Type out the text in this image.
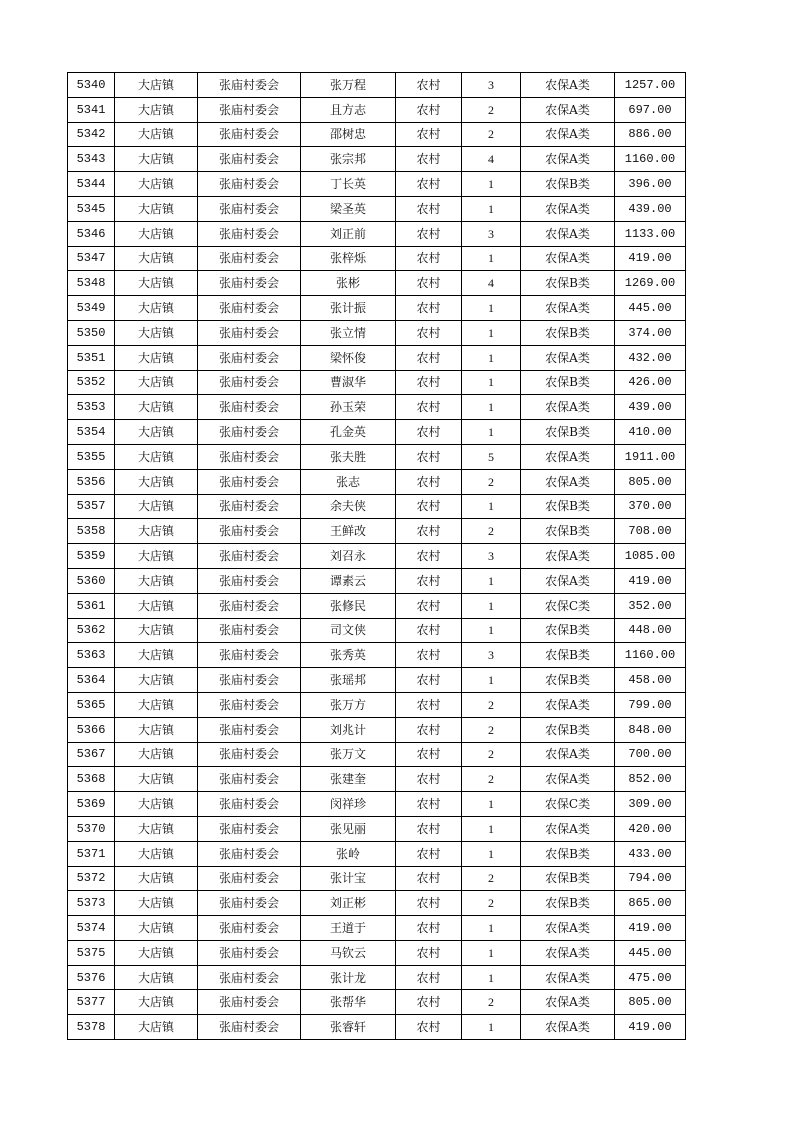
5340	大店镇	张庙村委会	张万程	农村	3	农保A类	1257.00
5341	大店镇	张庙村委会	且方志	农村	2	农保A类	697.00
5342	大店镇	张庙村委会	邵树忠	农村	2	农保A类	886.00
5343	大店镇	张庙村委会	张宗邦	农村	4	农保A类	1160.00
5344	大店镇	张庙村委会	丁长英	农村	1	农保B类	396.00
5345	大店镇	张庙村委会	梁圣英	农村	1	农保A类	439.00
5346	大店镇	张庙村委会	刘正前	农村	3	农保A类	1133.00
5347	大店镇	张庙村委会	张梓烁	农村	1	农保A类	419.00
5348	大店镇	张庙村委会	张彬	农村	4	农保B类	1269.00
5349	大店镇	张庙村委会	张计振	农村	1	农保A类	445.00
5350	大店镇	张庙村委会	张立情	农村	1	农保B类	374.00
5351	大店镇	张庙村委会	梁怀俊	农村	1	农保A类	432.00
5352	大店镇	张庙村委会	曹淑华	农村	1	农保B类	426.00
5353	大店镇	张庙村委会	孙玉荣	农村	1	农保A类	439.00
5354	大店镇	张庙村委会	孔金英	农村	1	农保B类	410.00
5355	大店镇	张庙村委会	张夫胜	农村	5	农保A类	1911.00
5356	大店镇	张庙村委会	张志	农村	2	农保A类	805.00
5357	大店镇	张庙村委会	余夫侠	农村	1	农保B类	370.00
5358	大店镇	张庙村委会	王鲜改	农村	2	农保B类	708.00
5359	大店镇	张庙村委会	刘召永	农村	3	农保A类	1085.00
5360	大店镇	张庙村委会	谭素云	农村	1	农保A类	419.00
5361	大店镇	张庙村委会	张修民	农村	1	农保C类	352.00
5362	大店镇	张庙村委会	司文侠	农村	1	农保B类	448.00
5363	大店镇	张庙村委会	张秀英	农村	3	农保B类	1160.00
5364	大店镇	张庙村委会	张瑶邦	农村	1	农保B类	458.00
5365	大店镇	张庙村委会	张万方	农村	2	农保A类	799.00
5366	大店镇	张庙村委会	刘兆计	农村	2	农保B类	848.00
5367	大店镇	张庙村委会	张万文	农村	2	农保A类	700.00
5368	大店镇	张庙村委会	张建奎	农村	2	农保A类	852.00
5369	大店镇	张庙村委会	闵祥珍	农村	1	农保C类	309.00
5370	大店镇	张庙村委会	张见丽	农村	1	农保A类	420.00
5371	大店镇	张庙村委会	张岭	农村	1	农保B类	433.00
5372	大店镇	张庙村委会	张计宝	农村	2	农保B类	794.00
5373	大店镇	张庙村委会	刘正彬	农村	2	农保B类	865.00
5374	大店镇	张庙村委会	王道于	农村	1	农保A类	419.00
5375	大店镇	张庙村委会	马钦云	农村	1	农保A类	445.00
5376	大店镇	张庙村委会	张计龙	农村	1	农保A类	475.00
5377	大店镇	张庙村委会	张帮华	农村	2	农保A类	805.00
5378	大店镇	张庙村委会	张睿轩	农村	1	农保A类	419.00
